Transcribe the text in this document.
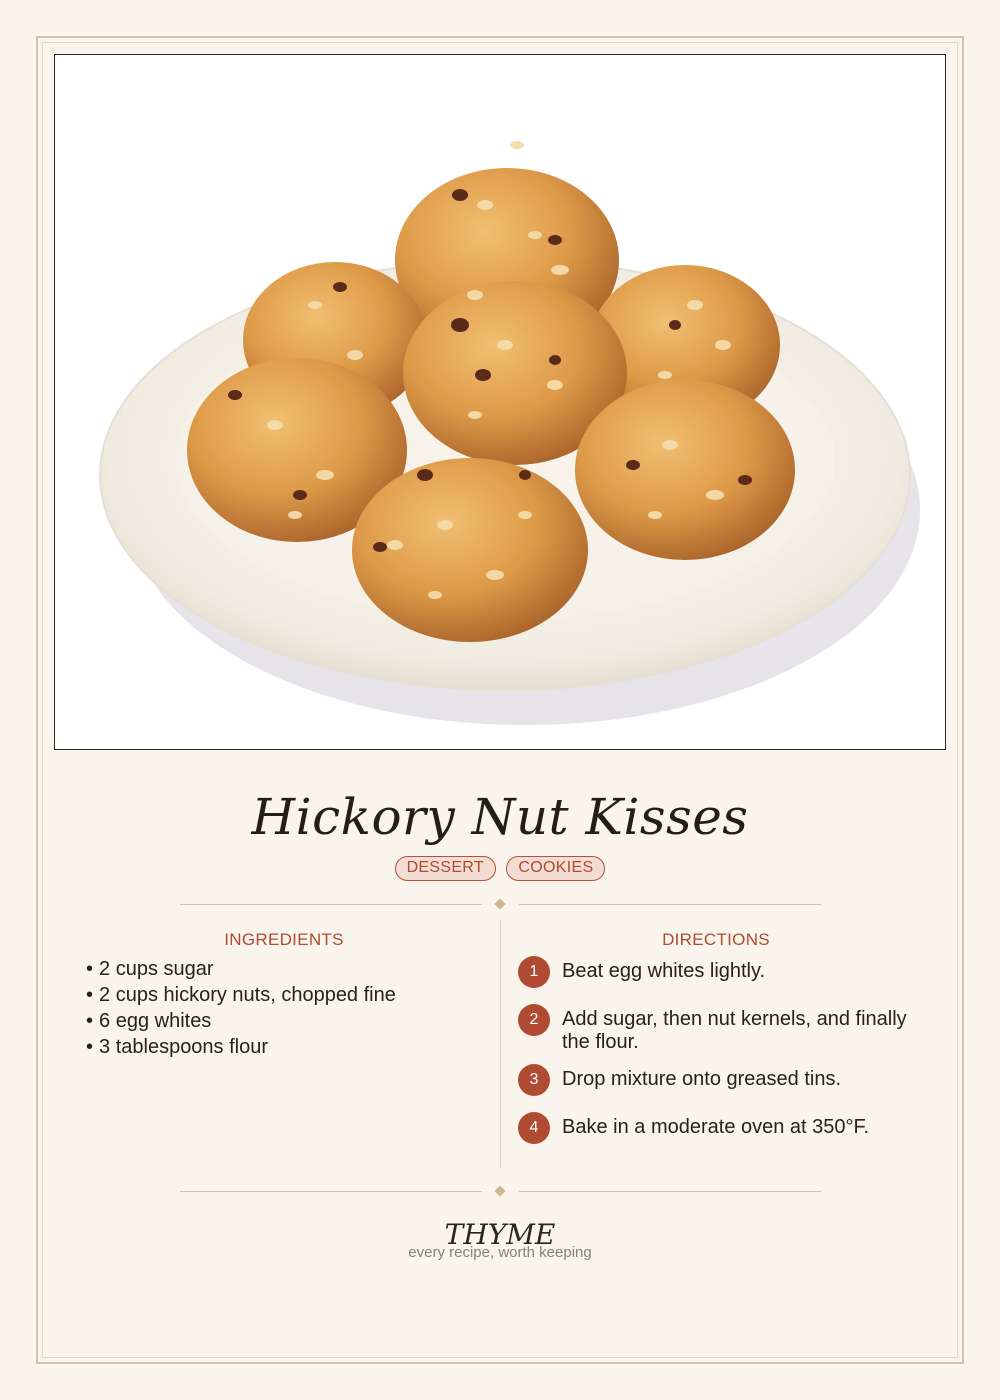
Hickory Nut Kisses
DESSERT COOKIES
INGREDIENTS
• 2 cups sugar
• 2 cups hickory nuts, chopped fine
• 6 egg whites
• 3 tablespoons flour
DIRECTIONS
1	Beat egg whites lightly.
2	Add sugar, then nut kernels, and finally the flour.
3	Drop mixture onto greased tins.
4	Bake in a moderate oven at 350°F.
THYME
every recipe, worth keeping
